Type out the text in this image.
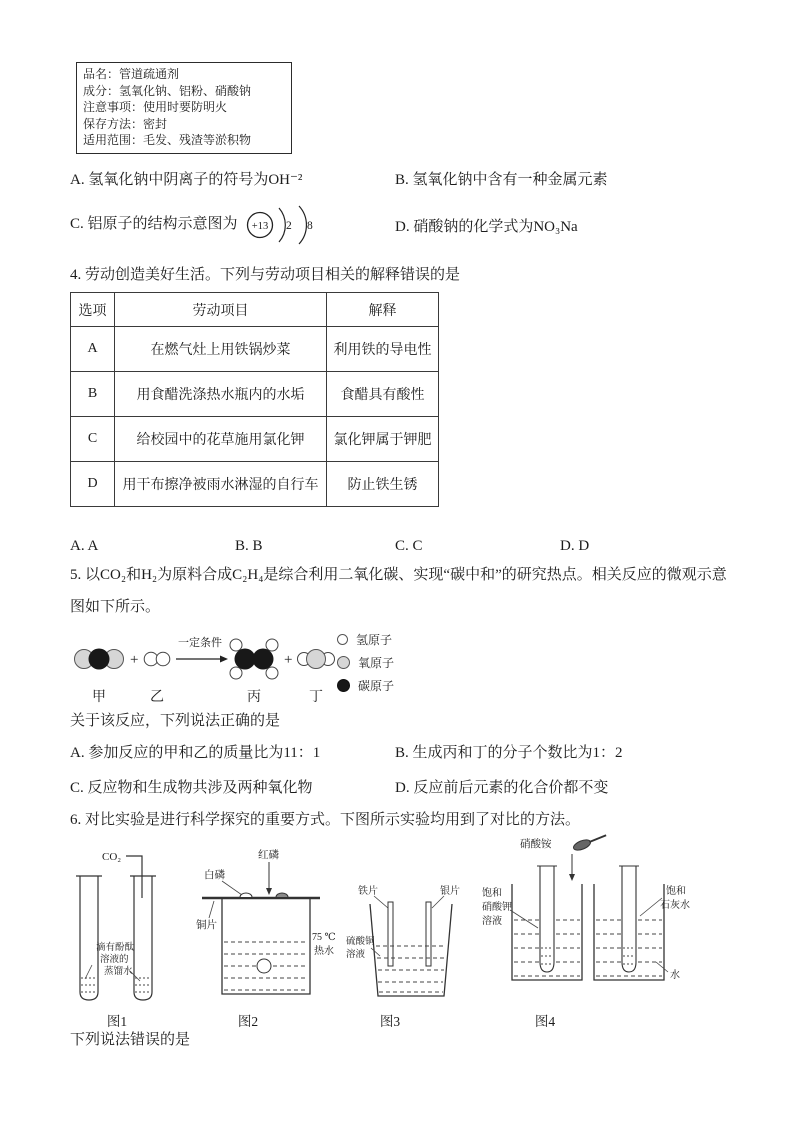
品名：管道疏通剂
成分：氢氧化钠、铝粉、硝酸钠
注意事项：使用时要防明火
保存方法：密封
适用范围：毛发、残渣等淤积物
A. 氢氧化钠中阴离子的符号为OH⁻²	B. 氢氧化钠中含有一种金属元素
C. 铝原子的结构示意图为 +13 2 8	D. 硝酸钠的化学式为NO₃Na
4. 劳动创造美好生活。下列与劳动项目相关的解释错误的是
选项	劳动项目	解释
A	在燃气灶上用铁锅炒菜	利用铁的导电性
B	用食醋洗涤热水瓶内的水垢	食醋具有酸性
C	给校园中的花草施用氯化钾	氯化钾属于钾肥
D	用干布擦净被雨水淋湿的自行车	防止铁生锈
A. A	B. B	C. C	D. D
5. 以CO₂和H₂为原料合成C₂H₄是综合利用二氧化碳、实现“碳中和”的研究热点。相关反应的微观示意
图如下所示。
+
一定条件
+
甲	乙	丙	丁
氢原子
氧原子
碳原子
关于该反应，下列说法正确的是
A. 参加反应的甲和乙的质量比为11：1	B. 生成丙和丁的分子个数比为1：2
C. 反应物和生成物共涉及两种氧化物	D. 反应前后元素的化合价都不变
6. 对比实验是进行科学探究的重要方式。下图所示实验均用到了对比的方法。
CO₂
滴有酚酞
溶液的
蒸馏水
红磷
白磷
铜片
75 ℃
热水
铁片	银片
硫酸铜
溶液
硝酸铵
饱和
硝酸钾
溶液
饱和
石灰水
水
图1	图2	图3	图4
下列说法错误的是
